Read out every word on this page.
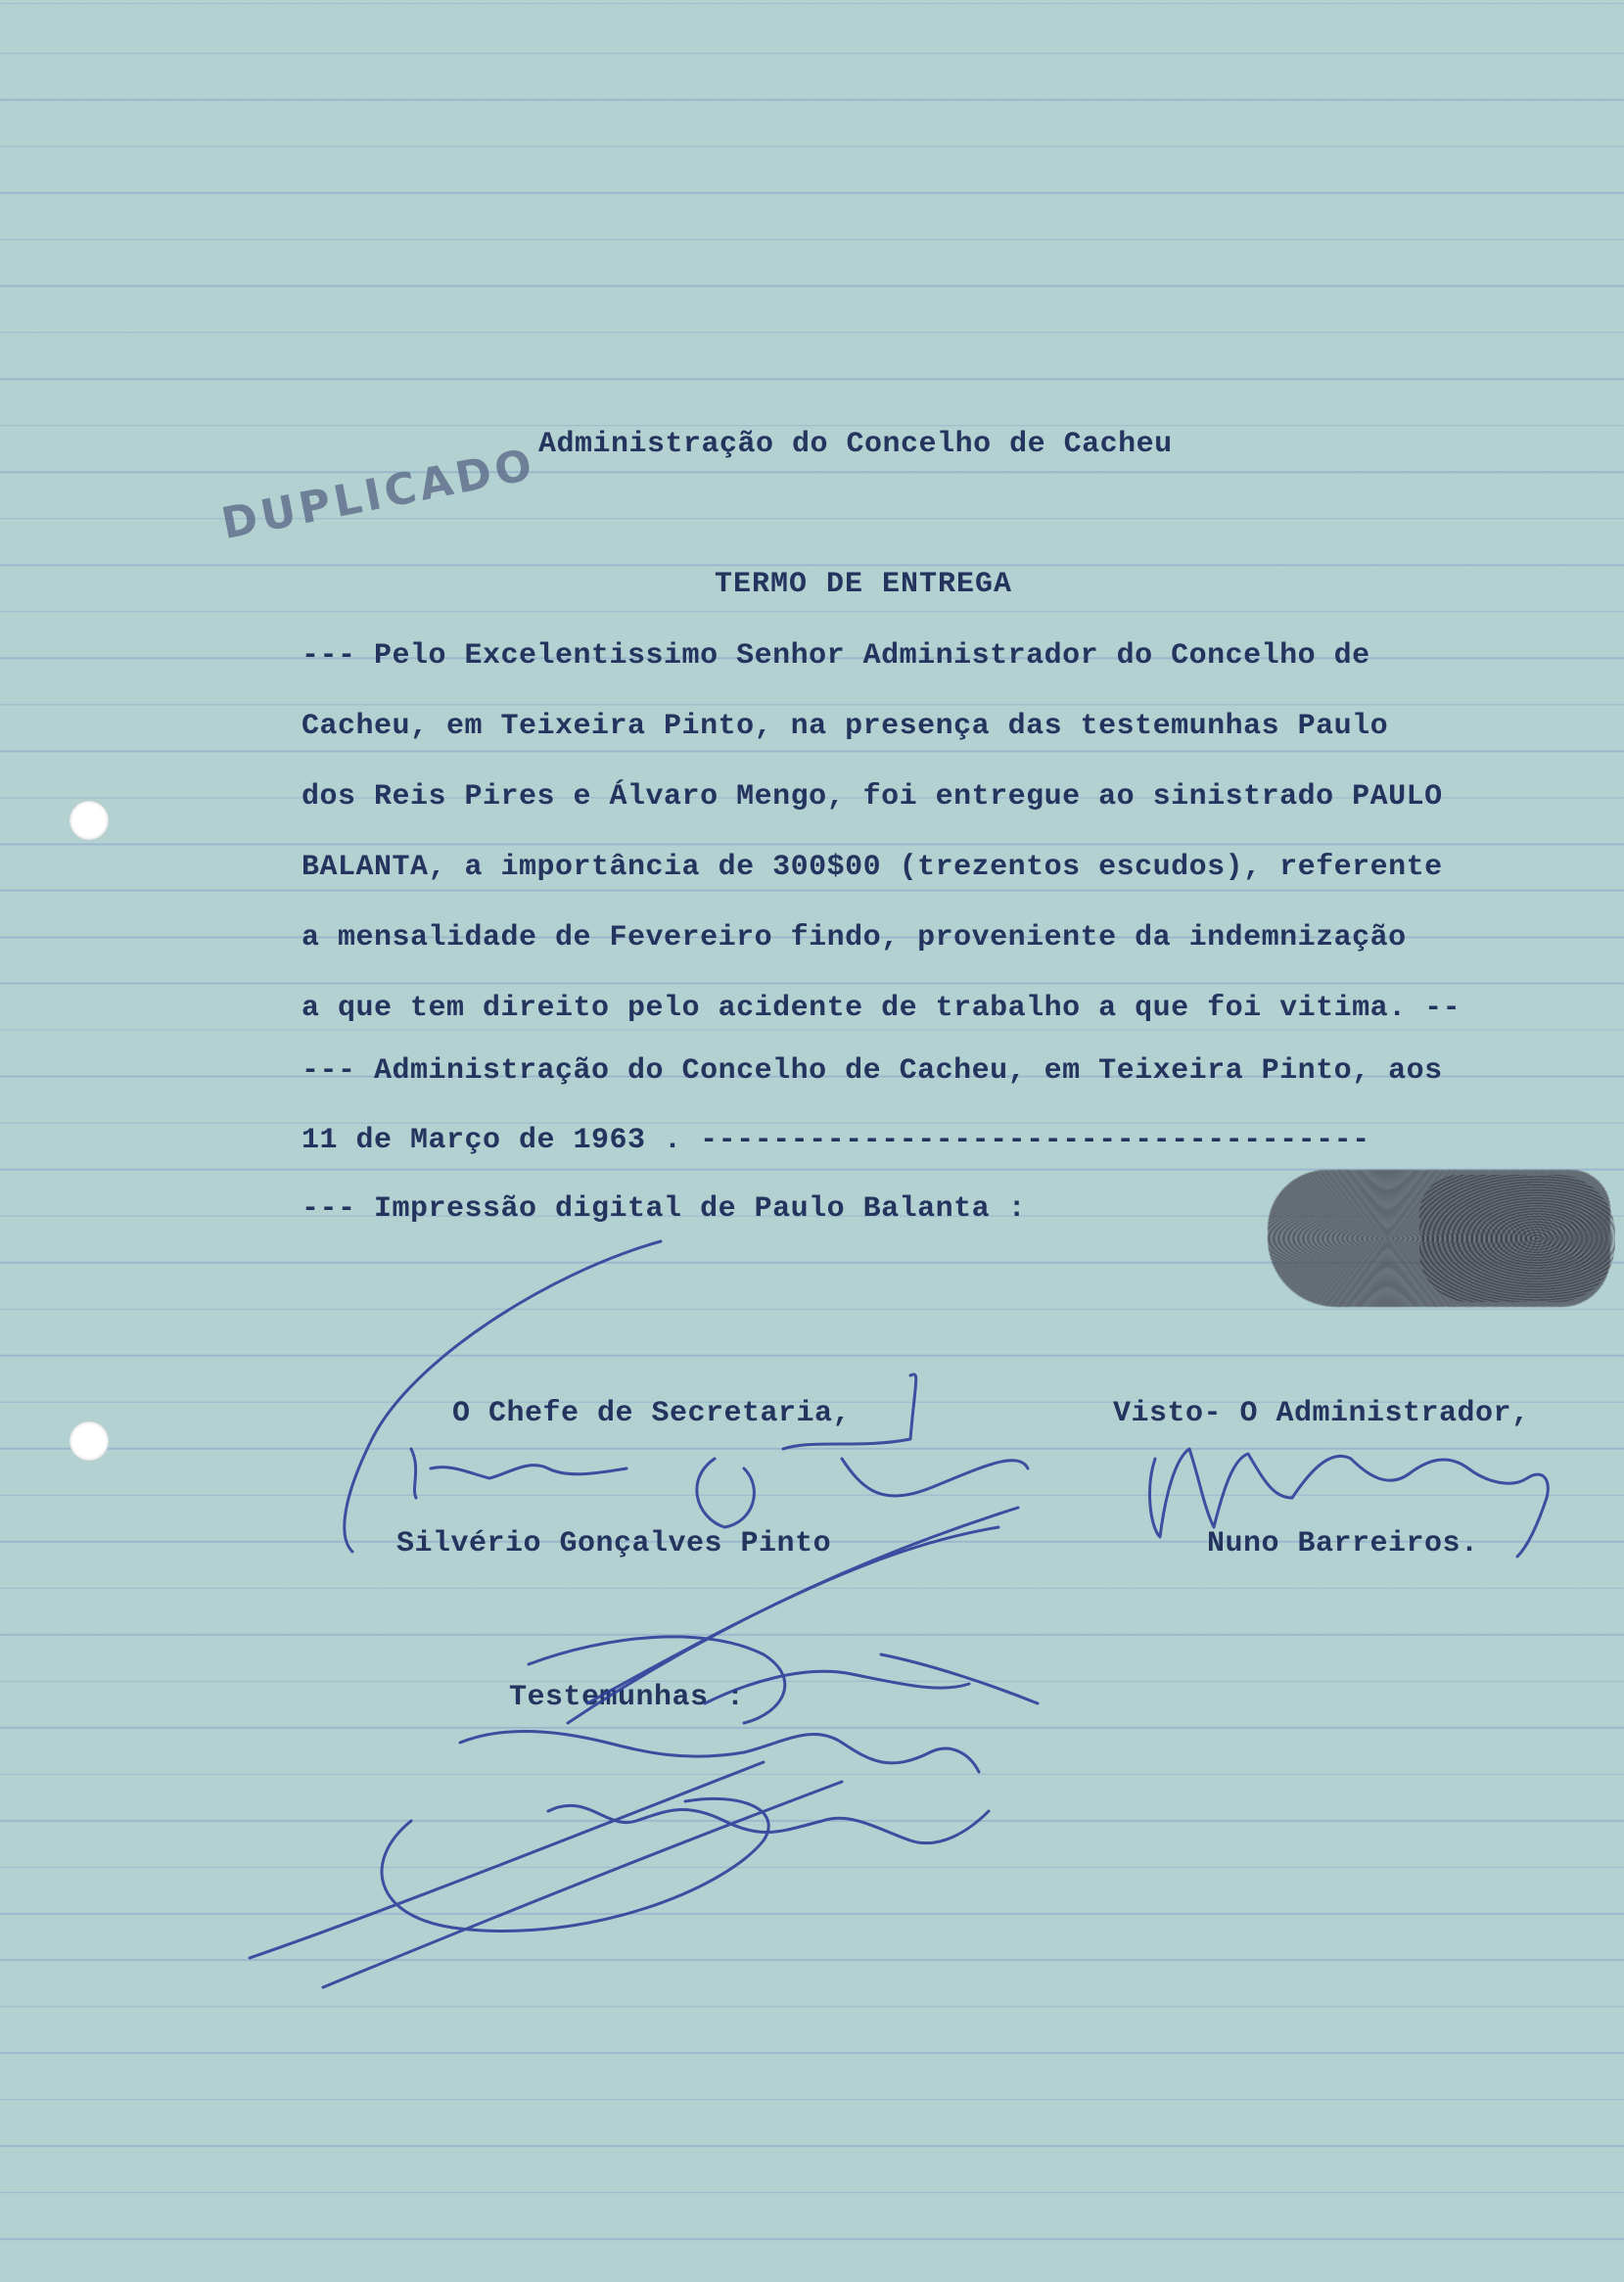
Administração do Concelho de Cacheu
DUPLICADO
TERMO DE ENTREGA
--- Pelo Excelentissimo Senhor Administrador do Concelho de
Cacheu, em Teixeira Pinto, na presença das testemunhas Paulo
dos Reis Pires e Álvaro Mengo, foi entregue ao sinistrado PAULO
BALANTA, a importância de 300$00 (trezentos escudos), referente
a mensalidade de Fevereiro findo, proveniente da indemnização
a que tem direito pelo acidente de trabalho a que foi vitima. --
--- Administração do Concelho de Cacheu, em Teixeira Pinto, aos
11 de Março de 1963 . -------------------------------------
--- Impressão digital de Paulo Balanta :
O Chefe de Secretaria,
Silvério Gonçalves Pinto
Visto- O Administrador,
Nuno Barreiros.
Testemunhas :
